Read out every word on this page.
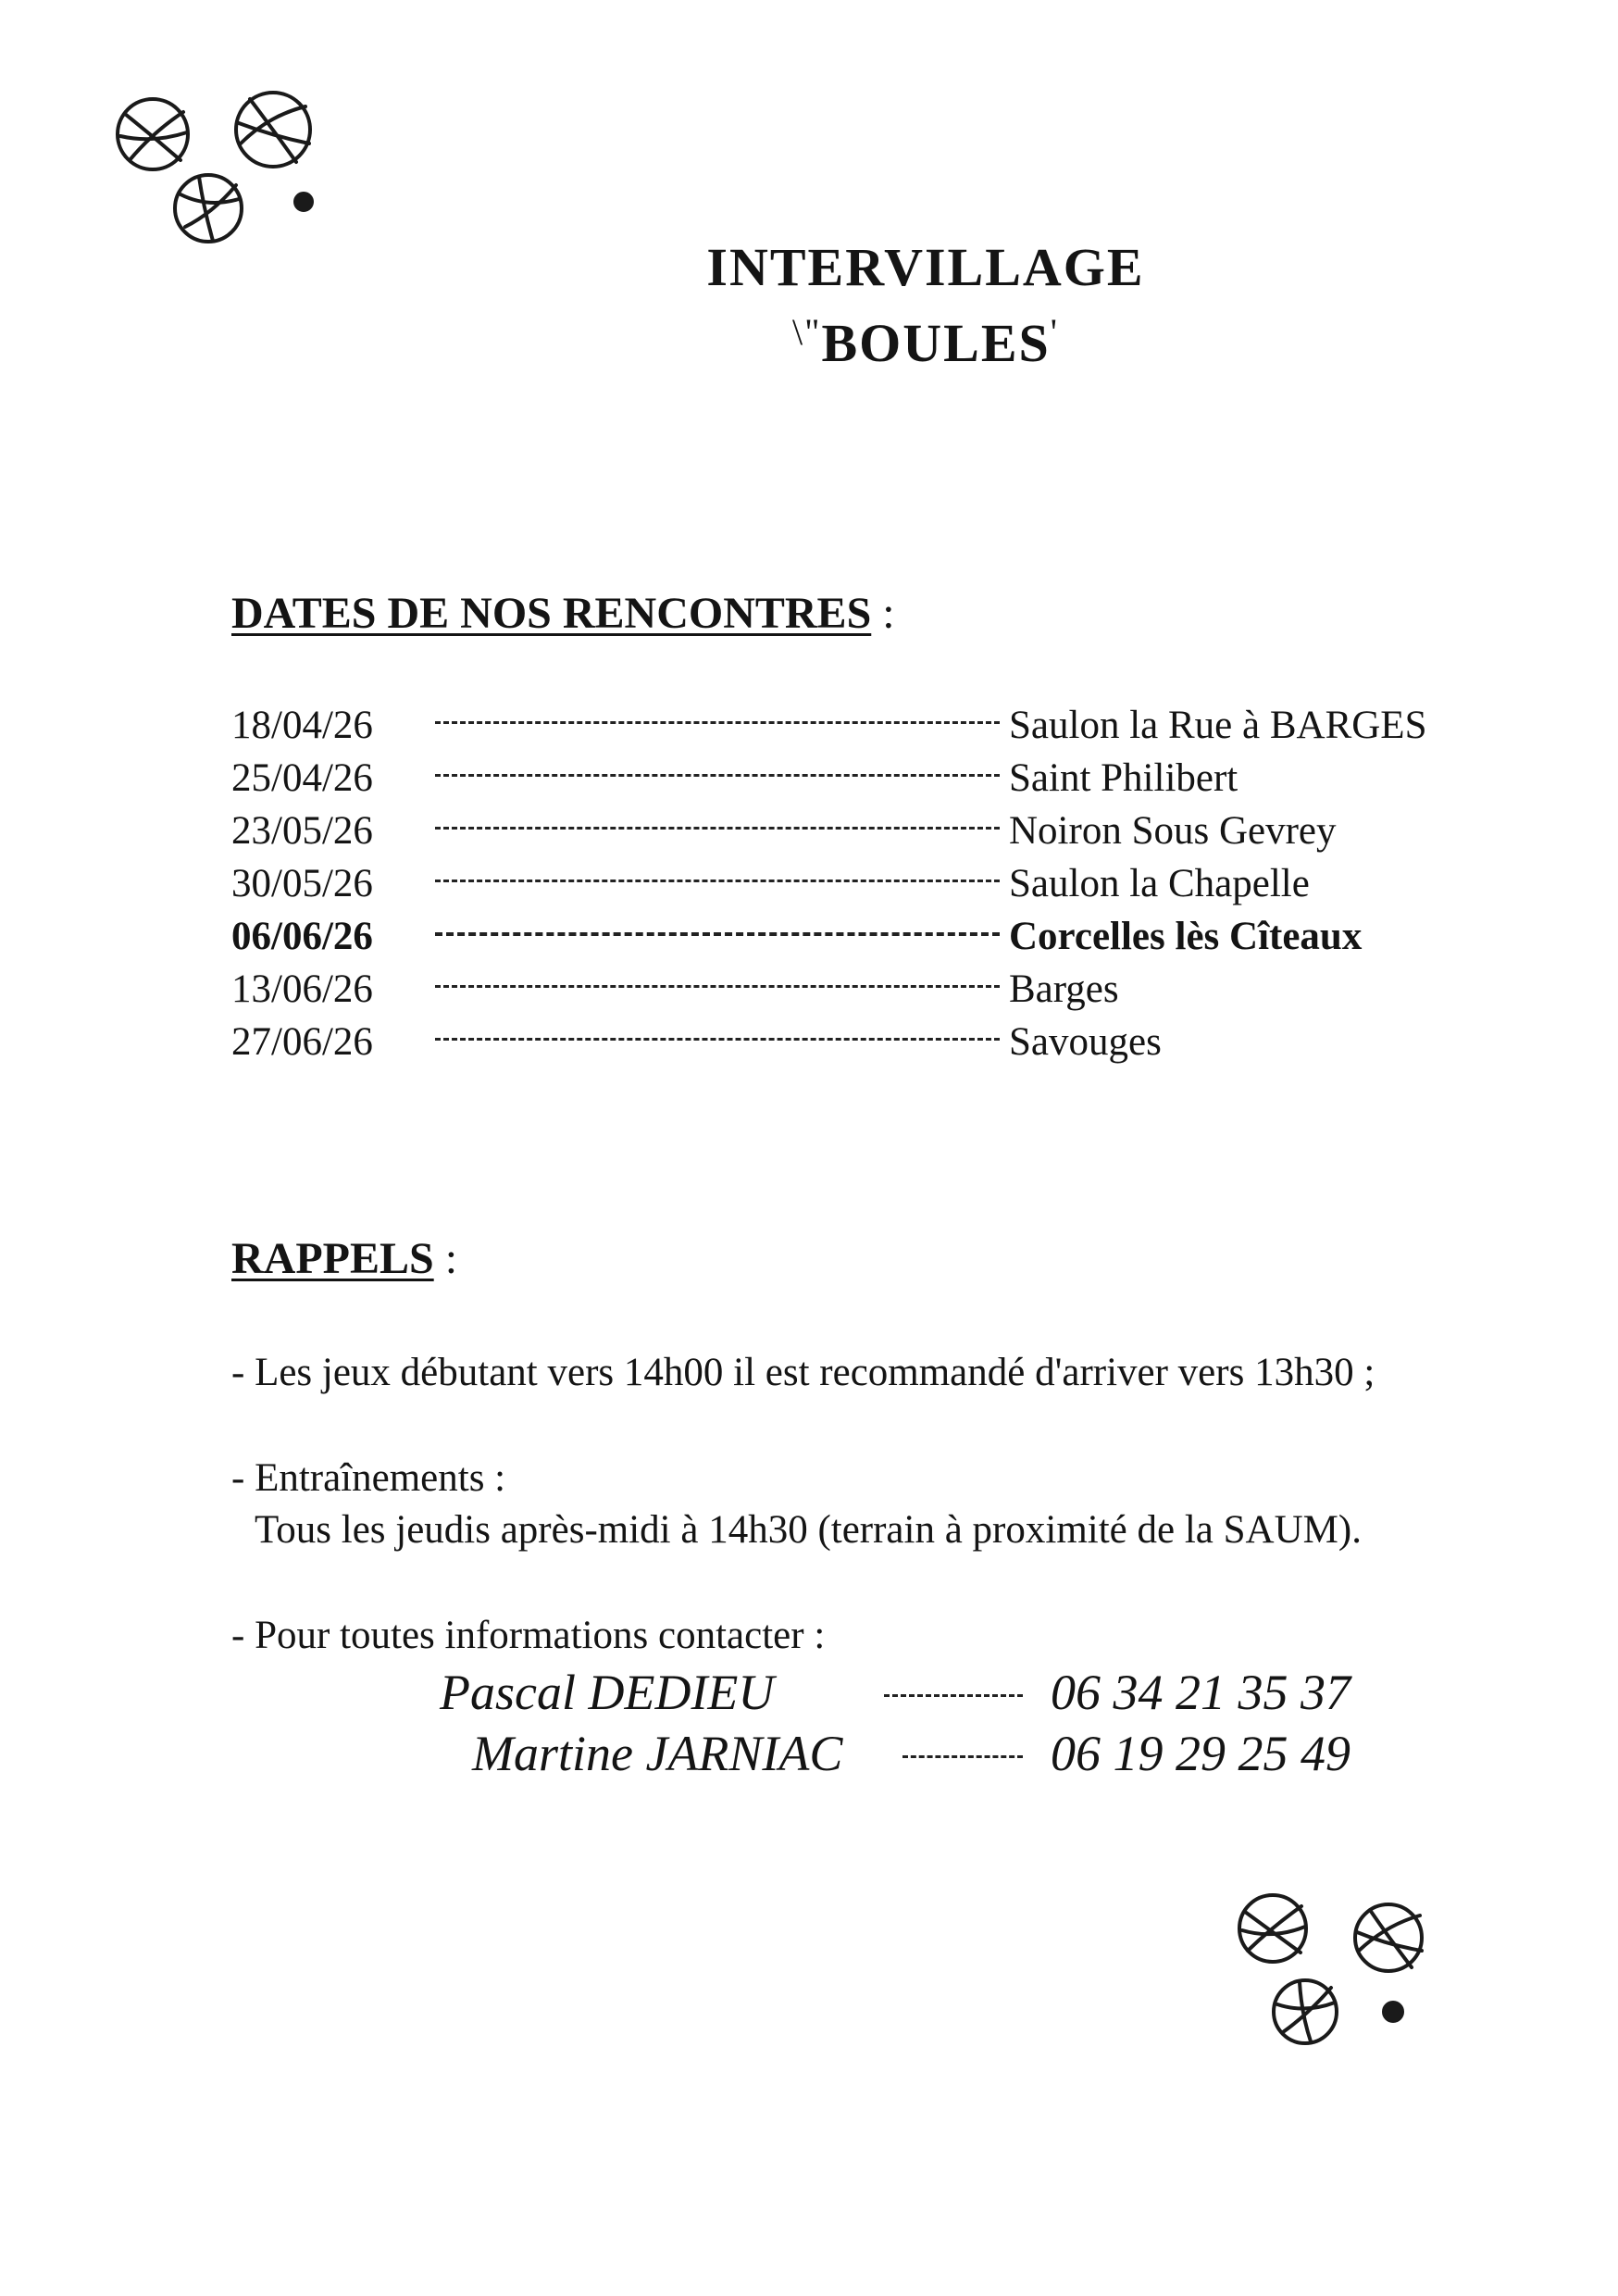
INTERVILLAGE
\"BOULES'
DATES DE NOS RENCONTRES :
18/04/26	Saulon la Rue à BARGES
25/04/26	Saint Philibert
23/05/26	Noiron Sous Gevrey
30/05/26	Saulon la Chapelle
06/06/26	Corcelles lès Cîteaux
13/06/26	Barges
27/06/26	Savouges
RAPPELS :
- Les jeux débutant vers 14h00 il est recommandé d'arriver vers 13h30 ;
- Entraînements :
Tous les jeudis après-midi à 14h30 (terrain à proximité de la SAUM).
- Pour toutes informations contacter :
Pascal DEDIEU	06 34 21 35 37
Martine JARNIAC	06 19 29 25 49
